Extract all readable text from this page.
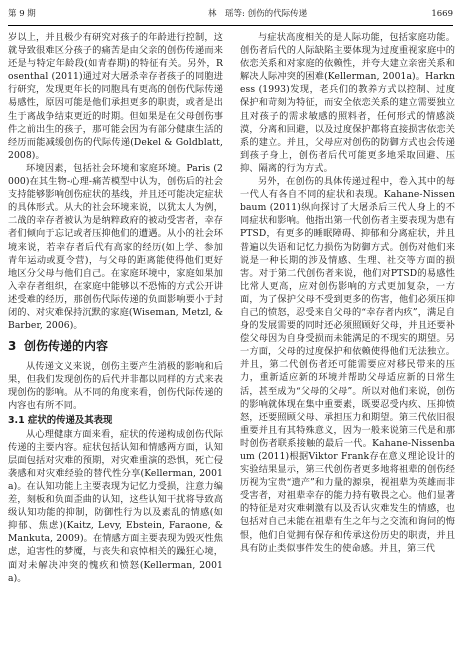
第 9 期	林　瑶等: 创伤的代际传递	1669

岁以上，并且极少有研究对孩子的年龄进行控制，这就导致很难区分孩子的痛苦是由父亲的创伤传递而来还是与特定年龄段(如青春期)的特征有关。另外，Rosenthal (2011)通过对大屠杀幸存者孩子的同胞进行研究，发现更年长的同胞具有更高的创伤代际传递易感性，原因可能是他们承担更多的职责，或者是出生于离战争结束更近的时期。但如果是在父母创伤事件之前出生的孩子，那可能会因为有部分健康生活的经历而能减缓创伤的代际传递(Dekel & Goldblatt, 2008)。

环境因素，包括社会环境和家庭环境。Paris (2000)在其生物-心理-痛苦模型中认为，创伤后的社会支持能够影响创伤症状的基线，并且还可能决定症状的具体形式。从大的社会环境来说，以犹太人为例，二战的幸存者被认为是纳粹政府的被动受害者，幸存者们倾向于忘记或者压抑他们的遭遇。从小的社会环境来说，若幸存者后代有高家的经历(如上学、参加青年运动或夏令营)，与父母的距离能使得他们更好地区分父母与他们自己。在家庭环境中，家庭如果加入幸存者组织，在家庭中能够以不恐怖的方式公开讲述受难的经历，那创伤代际传递的负面影响要小于封闭的、对灾难保持沉默的家庭(Wiseman, Metzl, & Barber, 2006)。

3 创伤传递的内容

从传递文义来说，创伤主要产生消极的影响和后果，但我们发现创伤的后代并非都以同样的方式来表现创伤的影响。从不同的角度来看，创伤代际传递的内容也有所不同。

3.1 症状的传递及其表现

从心理健康方面来看，症状的传递构成创伤代际传递的主要内容。症状包括认知和情感两方面，认知层面包括对灾难的预期，对灾难重演的恐惧，死亡侵袭感和对灾难经验的替代性分享(Kellerman, 2001a)。在认知功能上主要表现为记忆力受损，注意力编差，刻板和负面歪曲的认知，这些认知干扰将导致高级认知功能的抑制，防御性行为以及素乱的情感(如抑郁、焦虑)(Kaitz, Levy, Ebstein, Faraone, & Mankuta, 2009)。在情感方面主要表现为毁灭性焦虑，迫害性的梦魇，与丧失和哀悼相关的躁狂心境，面对未解决冲突的愧疚和愤怒(Kellerman, 2001a)。

与症状高度相关的是人际功能，包括家庭功能。创伤者后代的人际缺陷主要体现为过度重视家庭中的依恋关系和对家庭的依赖性，并夸大建立亲密关系和解决人际冲突的困难(Kellerman, 2001a)。Harkness (1993)发现，老兵们的教养方式以控制、过度保护和苛刻为特征，而安全依恋关系的建立需要独立且对孩子的需求敏感的照料者，任何形式的情感淡漠，分离和回避，以及过度保护都将直接损害依恋关系的建立。并且，父母应对创伤的防御方式也会传递到孩子身上，创伤者后代可能更多地采取回避、压抑、隔离的行为方式。

另外，在创伤的具体传递过程中，卷入其中的每一代人有各自不同的症状和表现。Kahane-Nissenbaum (2011)纵向探讨了大屠杀后三代人身上的不同症状和影响。他指出第一代创伤者主要表现为患有PTSD，有更多的睡眠障碍、抑郁和分离症状，并且普遍以失语和记忆力损伤为防御方式。创伤对他们来说是一种长期的涉及情感、生理、社交等方面的损害。对于第二代创伤者来说，他们对PTSD的易感性比常人更高，应对创伤影响的方式更加复杂，一方面，为了保护父母不受到更多的伤害，他们必须压抑自己的愤怒，忍受来自父母的“幸存者内疚”，满足自身的发展需要的同时还必须照顾好父母，并且还要补偿父母因为自身受损而未能满足的不现实的期望。另一方面，父母的过度保护和依赖使得他们无法独立。并且，第二代创伤者还可能需要应对移民带来的压力，重新适应新的环境并帮助父母适应新的日常生活，甚至成为“父母的父母”。所以对他们来说，创伤的影响就体现在集中重要素，既要忍受内疚、压抑愤怒，还要照顾父母、承担压力和期望。第三代依旧很重要并且有其特殊意义，因为一般来说第三代是和那时创伤者联系接触的最后一代。Kahane-Nissenbaum (2011)根据Viktor Frank存在意义理论设计的实验结果显示，第三代创伤者更多地将祖辈的创伤经历视为宝贵“遗产”和力量的源泉，视祖辈为英雄而非受害者，对祖辈幸存的能力持有敬畏之心。他们显著的特征是对灾难刺激有以及否认灾难发生的情感，也包括对自己未能在祖辈有生之年与之交流和询问的悔恨，他们自觉拥有保存和传承这份历史的职责，并且具有防止类似事件发生的使命感。并且，第三代
